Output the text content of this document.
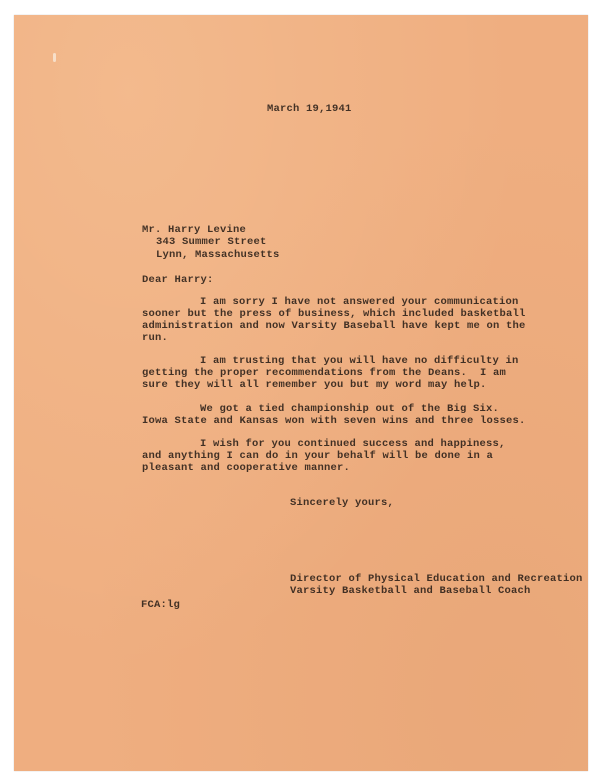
March 19,1941
Mr. Harry Levine
343 Summer Street
Lynn, Massachusetts
Dear Harry:
I am sorry I have not answered your communication
sooner but the press of business, which included basketball
administration and now Varsity Baseball have kept me on the
run.
I am trusting that you will have no difficulty in
getting the proper recommendations from the Deans.  I am
sure they will all remember you but my word may help.
We got a tied championship out of the Big Six.
Iowa State and Kansas won with seven wins and three losses.
I wish for you continued success and happiness,
and anything I can do in your behalf will be done in a
pleasant and cooperative manner.
Sincerely yours,
Director of Physical Education and Recreation
Varsity Basketball and Baseball Coach
FCA:lg
